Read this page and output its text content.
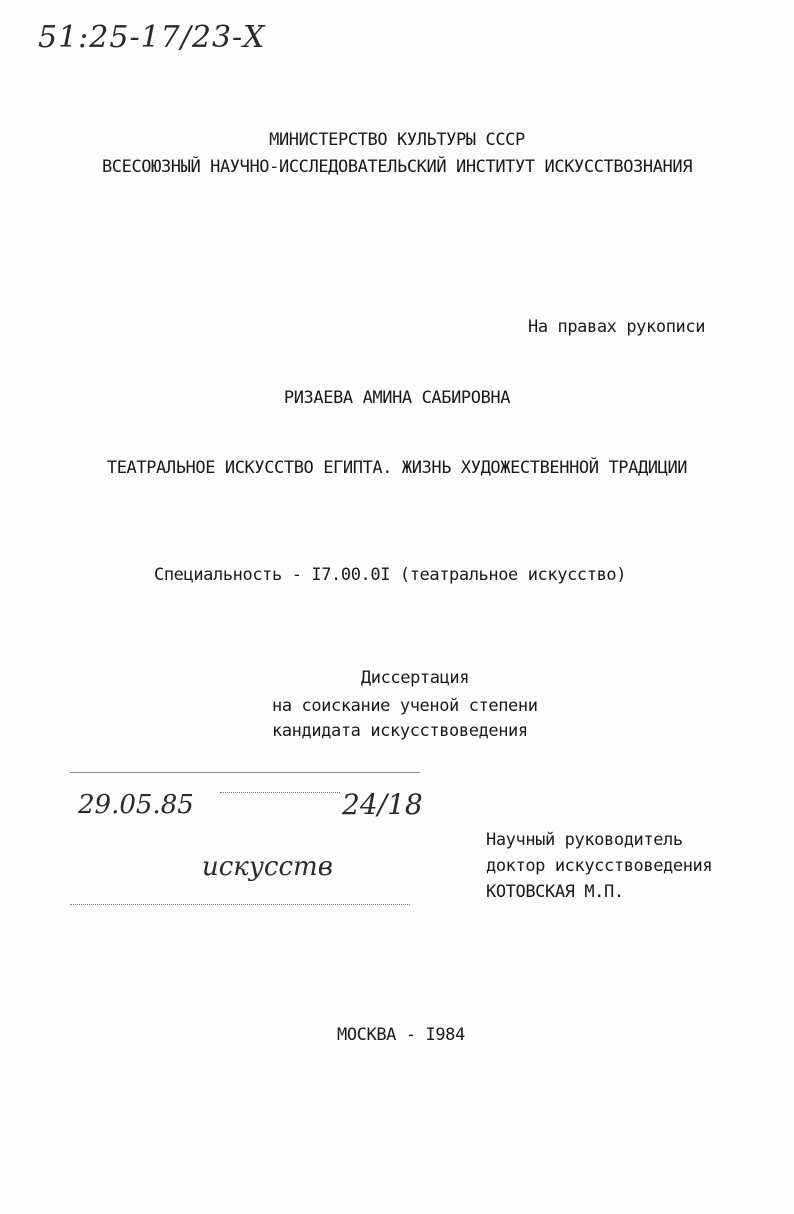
51:25-17/23-Х
МИНИСТЕРСТВО КУЛЬТУРЫ СССР
ВСЕСОЮЗНЫЙ НАУЧНО-ИССЛЕДОВАТЕЛЬСКИЙ ИНСТИТУТ ИСКУССТВОЗНАНИЯ
На правах рукописи
РИЗАЕВА АМИНА САБИРОВНА
ТЕАТРАЛЬНОЕ ИСКУССТВО ЕГИПТА. ЖИЗНЬ ХУДОЖЕСТВЕННОЙ ТРАДИЦИИ
Специальность - I7.00.0I (театральное искусство)
Диссертация
на соискание ученой степени
кандидата искусствоведения
29.05.85	24/18
искусств
Научный руководитель
доктор искусствоведения
КОТОВСКАЯ М.П.
МОСКВА - I984
